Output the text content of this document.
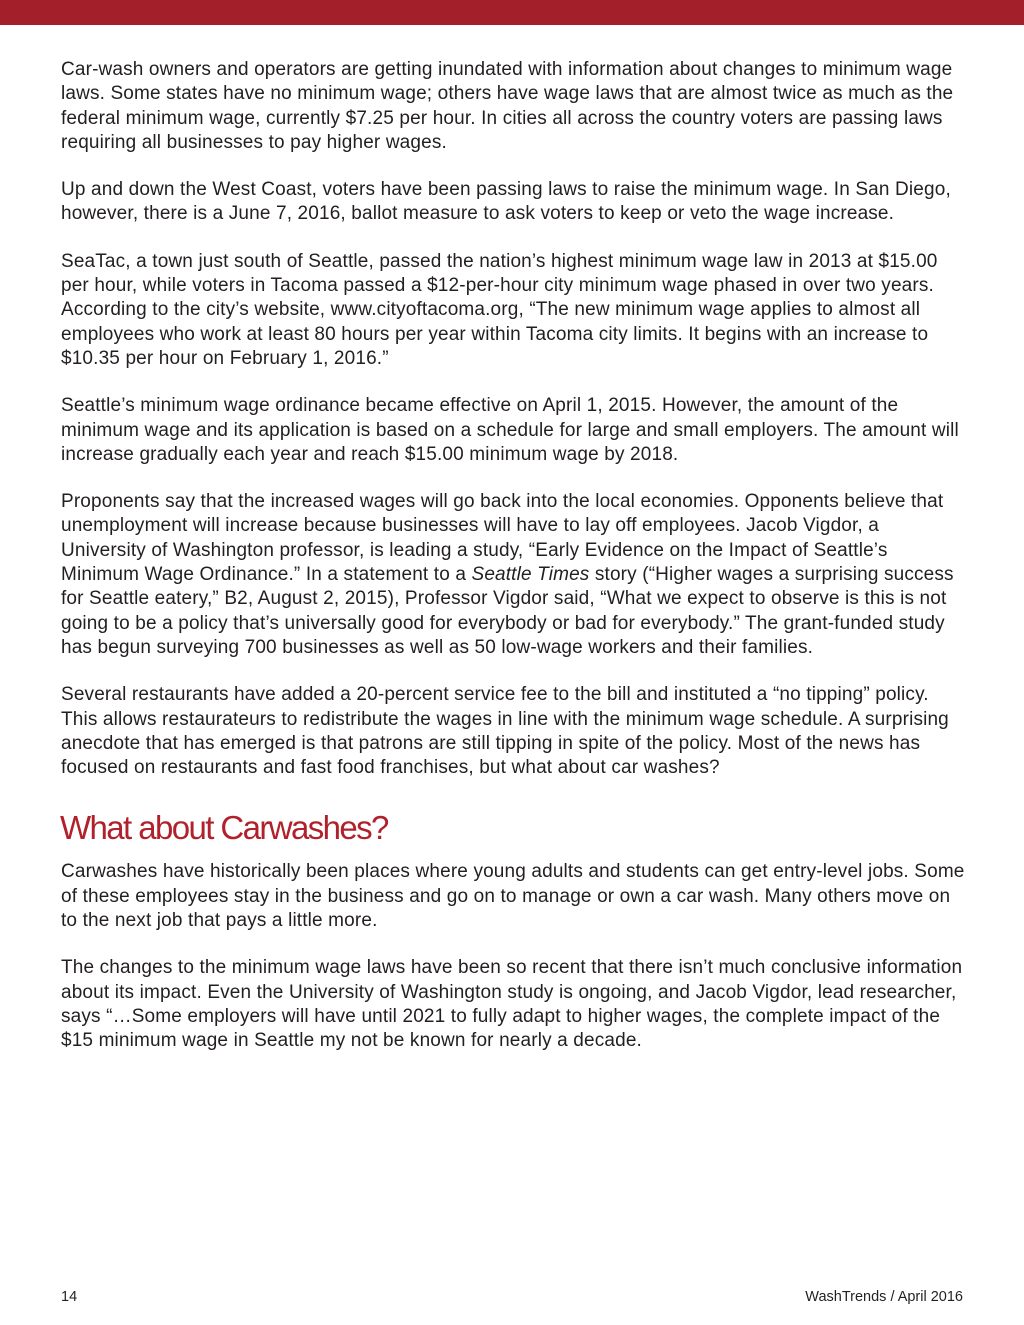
Car-wash owners and operators are getting inundated with information about changes to minimum wage laws. Some states have no minimum wage; others have wage laws that are almost twice as much as the federal minimum wage, currently $7.25 per hour. In cities all across the country voters are passing laws requiring all businesses to pay higher wages.

Up and down the West Coast, voters have been passing laws to raise the minimum wage. In San Diego, however, there is a June 7, 2016, ballot measure to ask voters to keep or veto the wage increase.

SeaTac, a town just south of Seattle, passed the nation’s highest minimum wage law in 2013 at $15.00 per hour, while voters in Tacoma passed a $12-per-hour city minimum wage phased in over two years. According to the city’s website, www.cityoftacoma.org, “The new minimum wage applies to almost all employees who work at least 80 hours per year within Tacoma city limits. It begins with an increase to $10.35 per hour on February 1, 2016.”

Seattle’s minimum wage ordinance became effective on April 1, 2015. However, the amount of the minimum wage and its application is based on a schedule for large and small employers. The amount will increase gradually each year and reach $15.00 minimum wage by 2018.

Proponents say that the increased wages will go back into the local economies. Opponents believe that unemployment will increase because businesses will have to lay off employees. Jacob Vigdor, a University of Washington professor, is leading a study, “Early Evidence on the Impact of Seattle’s Minimum Wage Ordinance.” In a statement to a Seattle Times story (“Higher wages a surprising success for Seattle eatery,” B2, August 2, 2015), Professor Vigdor said, “What we expect to observe is this is not going to be a policy that’s universally good for everybody or bad for everybody.” The grant-funded study has begun surveying 700 businesses as well as 50 low-wage workers and their families.

Several restaurants have added a 20-percent service fee to the bill and instituted a “no tipping” policy. This allows restaurateurs to redistribute the wages in line with the minimum wage schedule. A surprising anecdote that has emerged is that patrons are still tipping in spite of the policy. Most of the news has focused on restaurants and fast food franchises, but what about car washes?

What about Carwashes?

Carwashes have historically been places where young adults and students can get entry-level jobs. Some of these employees stay in the business and go on to manage or own a car wash. Many others move on to the next job that pays a little more.

The changes to the minimum wage laws have been so recent that there isn’t much conclusive information about its impact. Even the University of Washington study is ongoing, and Jacob Vigdor, lead researcher, says “…Some employers will have until 2021 to fully adapt to higher wages, the complete impact of the $15 minimum wage in Seattle my not be known for nearly a decade.

14	WashTrends / April 2016
